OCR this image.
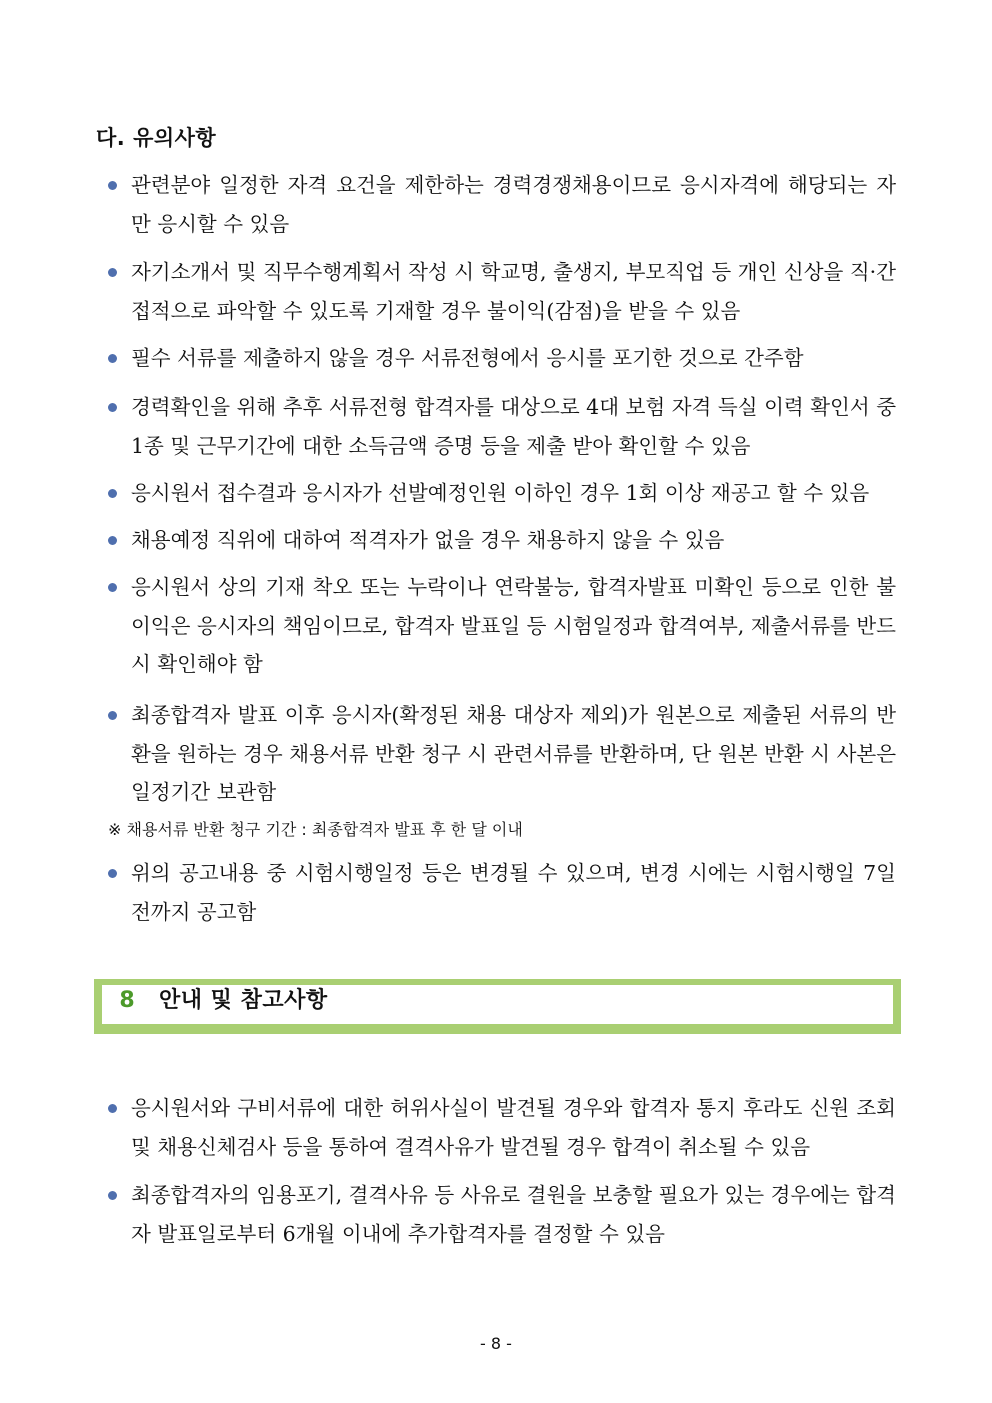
다. 유의사항
관련분야 일정한 자격 요건을 제한하는 경력경쟁채용이므로 응시자격에 해당되는 자만 응시할 수 있음
자기소개서 및 직무수행계획서 작성 시 학교명, 출생지, 부모직업 등 개인 신상을 직·간접적으로 파악할 수 있도록 기재할 경우 불이익(감점)을 받을 수 있음
필수 서류를 제출하지 않을 경우 서류전형에서 응시를 포기한 것으로 간주함
경력확인을 위해 추후 서류전형 합격자를 대상으로 4대 보험 자격 득실 이력 확인서 중 1종 및 근무기간에 대한 소득금액 증명 등을 제출 받아 확인할 수 있음
응시원서 접수결과 응시자가 선발예정인원 이하인 경우 1회 이상 재공고 할 수 있음
채용예정 직위에 대하여 적격자가 없을 경우 채용하지 않을 수 있음
응시원서 상의 기재 착오 또는 누락이나 연락불능, 합격자발표 미확인 등으로 인한 불이익은 응시자의 책임이므로, 합격자 발표일 등 시험일정과 합격여부, 제출서류를 반드시 확인해야 함
최종합격자 발표 이후 응시자(확정된 채용 대상자 제외)가 원본으로 제출된 서류의 반환을 원하는 경우 채용서류 반환 청구 시 관련서류를 반환하며, 단 원본 반환 시 사본은 일정기간 보관함
※ 채용서류 반환 청구 기간 : 최종합격자 발표 후 한 달 이내
위의 공고내용 중 시험시행일정 등은 변경될 수 있으며, 변경 시에는 시험시행일 7일 전까지 공고함
8	안내 및 참고사항
응시원서와 구비서류에 대한 허위사실이 발견될 경우와 합격자 통지 후라도 신원 조회 및 채용신체검사 등을 통하여 결격사유가 발견될 경우 합격이 취소될 수 있음
최종합격자의 임용포기, 결격사유 등 사유로 결원을 보충할 필요가 있는 경우에는 합격자 발표일로부터 6개월 이내에 추가합격자를 결정할 수 있음
- 8 -
